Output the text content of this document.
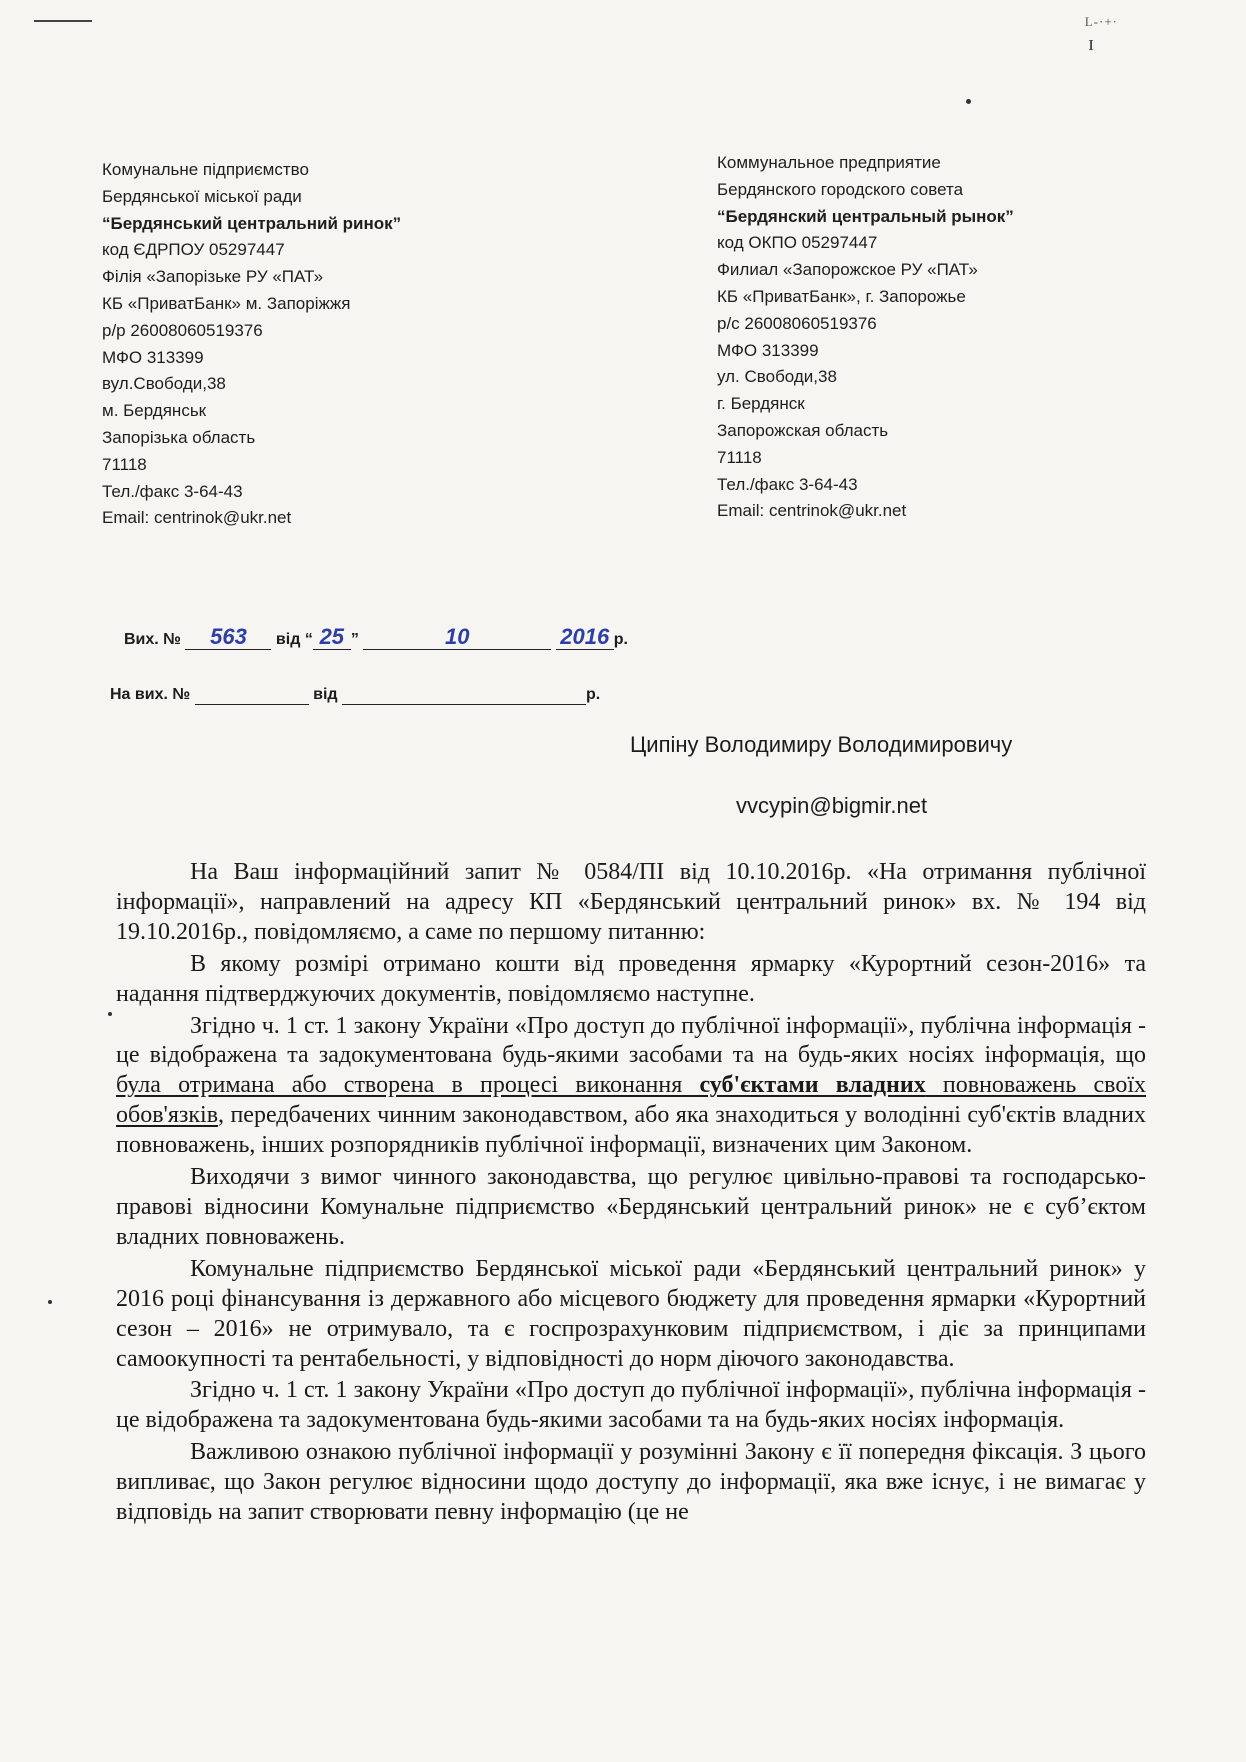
L-·+·
ɪ
Комунальне підприємство
Бердянської міської ради
“Бердянський центральний ринок”
код ЄДРПОУ 05297447
Філія «Запорізьке РУ «ПАТ»
КБ «ПриватБанк» м. Запоріжжя
р/р 26008060519376
МФО 313399
вул.Свободи,38
м. Бердянськ
Запорізька область
71118
Тел./факс 3-64-43
Email: centrinok@ukr.net
Коммунальное предприятие
Бердянского городского совета
“Бердянский центральный рынок”
код ОКПО 05297447
Филиал «Запорожское РУ «ПАТ»
КБ «ПриватБанк», г. Запорожье
р/с 26008060519376
МФО 313399
ул. Свободи,38
г. Бердянск
Запорожская область
71118
Тел./факс 3-64-43
Email: centrinok@ukr.net
Вих. № 563 від “ 25 ”	10	2016 р.
На вих. №	від	р.
Ципіну Володимиру Володимировичу
vvcypin@bigmir.net

На Ваш інформаційний запит № 0584/ПІ від 10.10.2016р. «На отримання публічної інформації», направлений на адресу КП «Бердянський центральний ринок» вх. № 194 від 19.10.2016р., повідомляємо, а саме по першому питанню:

В якому розмірі отримано кошти від проведення ярмарку «Курортний сезон-2016» та надання підтверджуючих документів, повідомляємо наступне.

Згідно ч. 1 ст. 1 закону України «Про доступ до публічної інформації», публічна інформація - це відображена та задокументована будь-якими засобами та на будь-яких носіях інформація, що була отримана або створена в процесі виконання суб'єктами владних повноважень своїх обов'язків, передбачених чинним законодавством, або яка знаходиться у володінні суб'єктів владних повноважень, інших розпорядників публічної інформації, визначених цим Законом.

Виходячи з вимог чинного законодавства, що регулює цивільно-правові та господарсько-правові відносини Комунальне підприємство «Бердянський центральний ринок» не є суб’єктом владних повноважень.

Комунальне підприємство Бердянської міської ради «Бердянський центральний ринок» у 2016 році фінансування із державного або місцевого бюджету для проведення ярмарки «Курортний сезон – 2016» не отримувало, та є госпрозрахунковим підприємством, і діє за принципами самоокупності та рентабельності, у відповідності до норм діючого законодавства.

Згідно ч. 1 ст. 1 закону України «Про доступ до публічної інформації», публічна інформація - це відображена та задокументована будь-якими засобами та на будь-яких носіях інформація.

Важливою ознакою публічної інформації у розумінні Закону є її попередня фіксація. З цього випливає, що Закон регулює відносини щодо доступу до інформації, яка вже існує, і не вимагає у відповідь на запит створювати певну інформацію (це не
